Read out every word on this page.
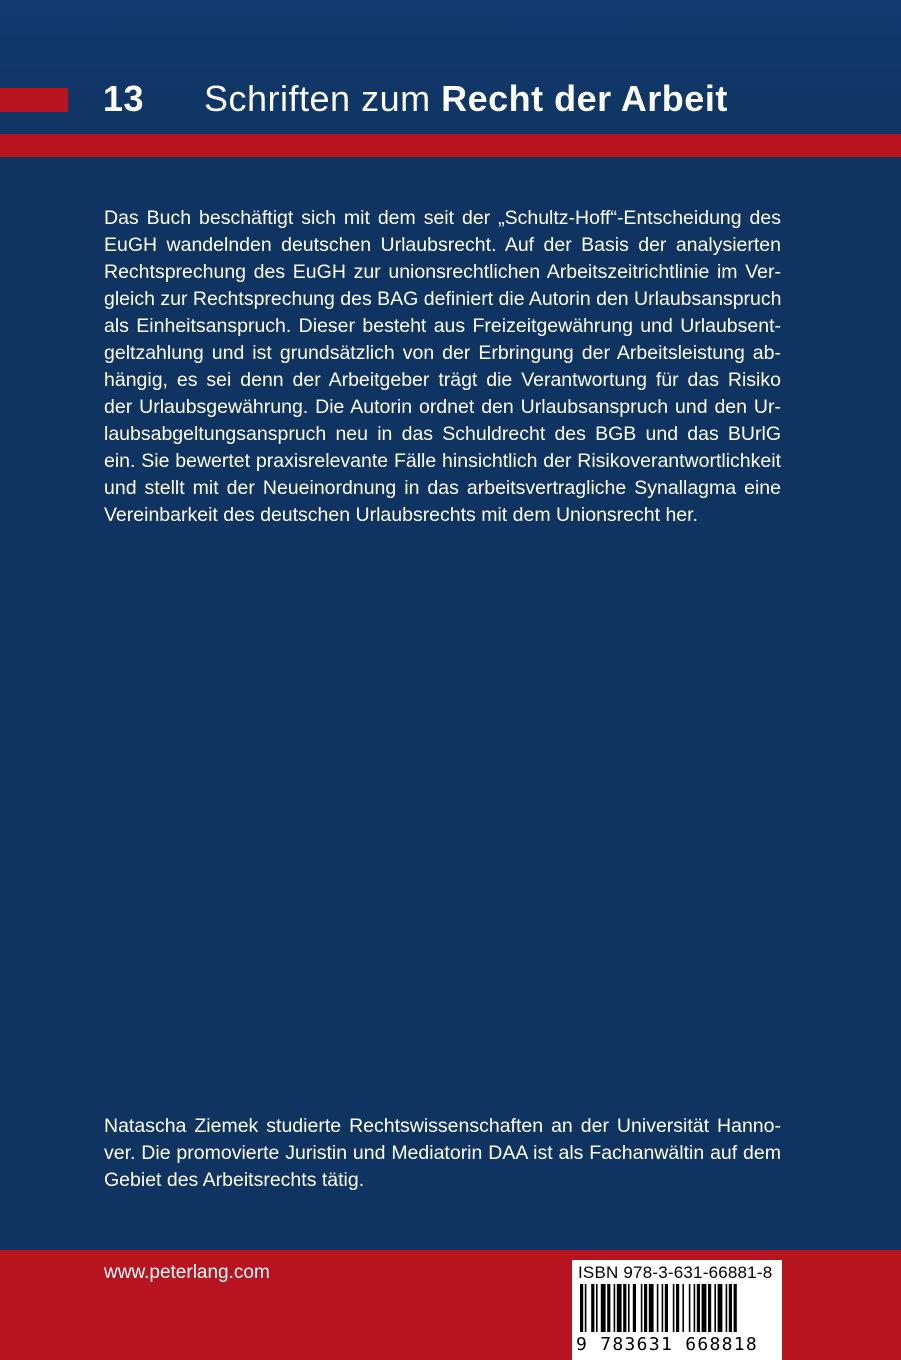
13 Schriften zum Recht der Arbeit
Das Buch beschäftigt sich mit dem seit der „Schultz-Hoff“-Entscheidung des
EuGH wandelnden deutschen Urlaubsrecht. Auf der Basis der analysierten
Rechtsprechung des EuGH zur unionsrechtlichen Arbeitszeitrichtlinie im Ver-
gleich zur Rechtsprechung des BAG definiert die Autorin den Urlaubsanspruch
als Einheitsanspruch. Dieser besteht aus Freizeitgewährung und Urlaubsent-
geltzahlung und ist grundsätzlich von der Erbringung der Arbeitsleistung ab-
hängig, es sei denn der Arbeitgeber trägt die Verantwortung für das Risiko
der Urlaubsgewährung. Die Autorin ordnet den Urlaubsanspruch und den Ur-
laubsabgeltungsanspruch neu in das Schuldrecht des BGB und das BUrlG
ein. Sie bewertet praxisrelevante Fälle hinsichtlich der Risikoverantwortlichkeit
und stellt mit der Neueinordnung in das arbeitsvertragliche Synallagma eine
Vereinbarkeit des deutschen Urlaubsrechts mit dem Unionsrecht her.
Natascha Ziemek studierte Rechtswissenschaften an der Universität Hanno-
ver. Die promovierte Juristin und Mediatorin DAA ist als Fachanwältin auf dem
Gebiet des Arbeitsrechts tätig.
www.peterlang.com	ISBN 978-3-631-66881-8
9 783631 668818
